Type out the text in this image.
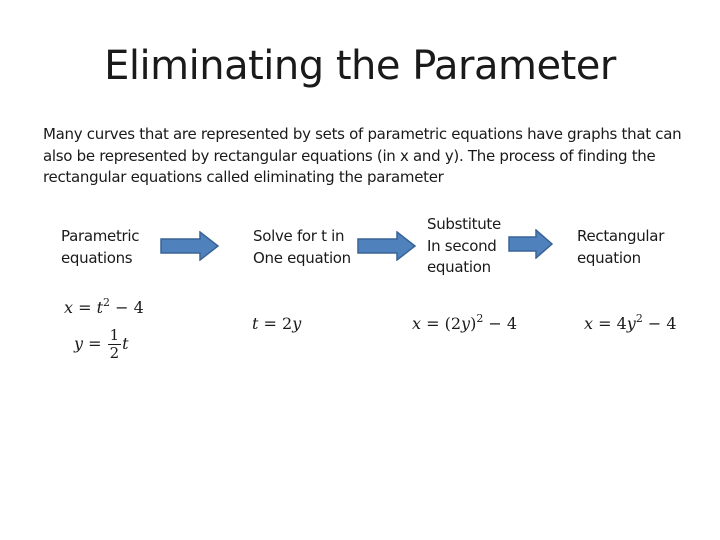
Eliminating the Parameter
Many curves that are represented by sets of parametric equations have graphs that can also be represented by rectangular equations (in x and y). The process of finding the rectangular equations called eliminating the parameter
Parametric
equations
Solve for t in
One equation
Substitute
In second
equation
Rectangular
equation
$x = t^2 - 4$
$y = \frac{1}{2}$ t
t = 2y	$x = (2y)^2 - 4$	$x = 4y^2 - 4$
